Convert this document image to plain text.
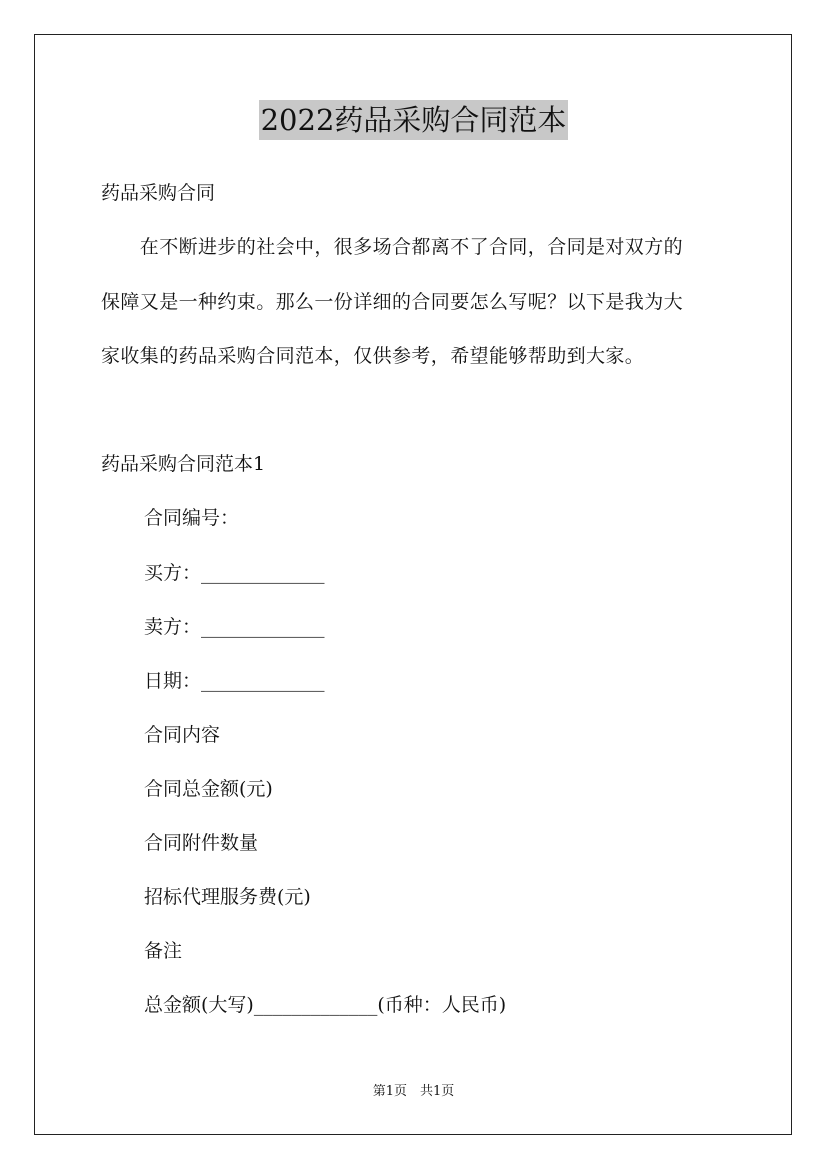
2022药品采购合同范本
药品采购合同
　　在不断进步的社会中，很多场合都离不了合同，合同是对双方的
保障又是一种约束。那么一份详细的合同要怎么写呢？以下是我为大
家收集的药品采购合同范本，仅供参考，希望能够帮助到大家。
药品采购合同范本1
合同编号：
买方：_____________
卖方：_____________
日期：_____________
合同内容
合同总金额(元)
合同附件数量
招标代理服务费(元)
备注
总金额(大写)_____________(币种：人民币)
第1页　共1页
